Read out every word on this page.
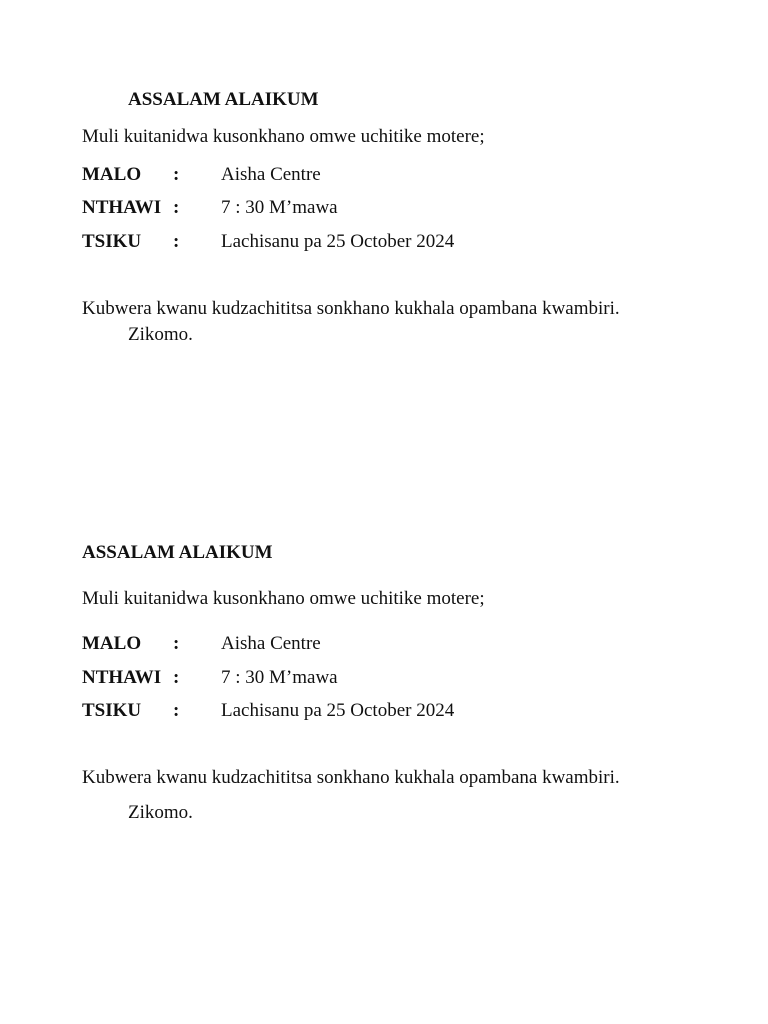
ASSALAM ALAIKUM
Muli kuitanidwa kusonkhano omwe uchitike motere;
MALO : Aisha Centre
NTHAWI : 7 : 30 M’mawa
TSIKU : Lachisanu pa 25 October 2024
Kubwera kwanu kudzachititsa sonkhano kukhala opambana kwambiri.
Zikomo.
ASSALAM ALAIKUM
Muli kuitanidwa kusonkhano omwe uchitike motere;
MALO : Aisha Centre
NTHAWI : 7 : 30 M’mawa
TSIKU : Lachisanu pa 25 October 2024
Kubwera kwanu kudzachititsa sonkhano kukhala opambana kwambiri.
Zikomo.
